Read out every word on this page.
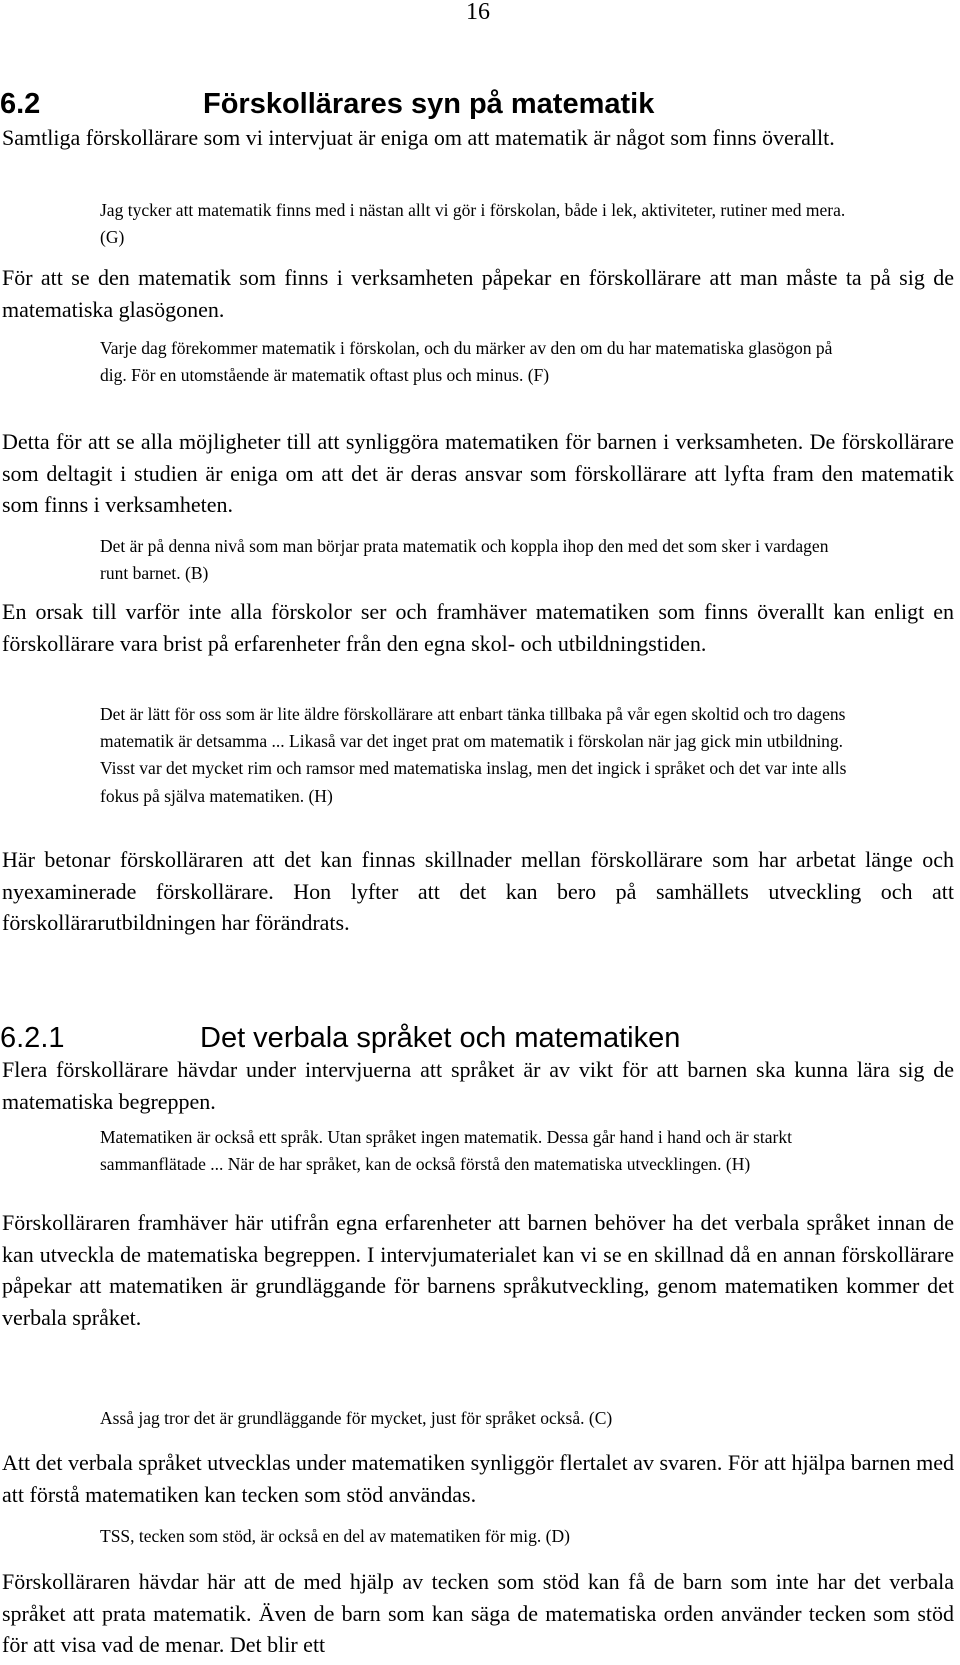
16
6.2	Förskollärares syn på matematik

Samtliga förskollärare som vi intervjuat är eniga om att matematik är något som finns överallt.

Jag tycker att matematik finns med i nästan allt vi gör i förskolan, både i lek, aktiviteter, rutiner med mera. (G)

För att se den matematik som finns i verksamheten påpekar en förskollärare att man måste ta på sig de matematiska glasögonen.

Varje dag förekommer matematik i förskolan, och du märker av den om du har matematiska glasögon på dig. För en utomstående är matematik oftast plus och minus. (F)

Detta för att se alla möjligheter till att synliggöra matematiken för barnen i verksamheten. De förskollärare som deltagit i studien är eniga om att det är deras ansvar som förskollärare att lyfta fram den matematik som finns i verksamheten.

Det är på denna nivå som man börjar prata matematik och koppla ihop den med det som sker i vardagen runt barnet. (B)

En orsak till varför inte alla förskolor ser och framhäver matematiken som finns överallt kan enligt en förskollärare vara brist på erfarenheter från den egna skol- och utbildningstiden.

Det är lätt för oss som är lite äldre förskollärare att enbart tänka tillbaka på vår egen skoltid och tro dagens matematik är detsamma ... Likaså var det inget prat om matematik i förskolan när jag gick min utbildning. Visst var det mycket rim och ramsor med matematiska inslag, men det ingick i språket och det var inte alls fokus på själva matematiken. (H)

Här betonar förskolläraren att det kan finnas skillnader mellan förskollärare som har arbetat länge och nyexaminerade förskollärare. Hon lyfter att det kan bero på samhällets utveckling och att förskollärarutbildningen har förändrats.

6.2.1	Det verbala språket och matematiken

Flera förskollärare hävdar under intervjuerna att språket är av vikt för att barnen ska kunna lära sig de matematiska begreppen.

Matematiken är också ett språk. Utan språket ingen matematik. Dessa går hand i hand och är starkt sammanflätade ... När de har språket, kan de också förstå den matematiska utvecklingen. (H)

Förskolläraren framhäver här utifrån egna erfarenheter att barnen behöver ha det verbala språket innan de kan utveckla de matematiska begreppen. I intervjumaterialet kan vi se en skillnad då en annan förskollärare påpekar att matematiken är grundläggande för barnens språkutveckling, genom matematiken kommer det verbala språket.

Asså jag tror det är grundläggande för mycket, just för språket också. (C)

Att det verbala språket utvecklas under matematiken synliggör flertalet av svaren. För att hjälpa barnen med att förstå matematiken kan tecken som stöd användas.

TSS, tecken som stöd, är också en del av matematiken för mig. (D)

Förskolläraren hävdar här att de med hjälp av tecken som stöd kan få de barn som inte har det verbala språket att prata matematik. Även de barn som kan säga de matematiska orden använder tecken som stöd för att visa vad de menar. Det blir ett
